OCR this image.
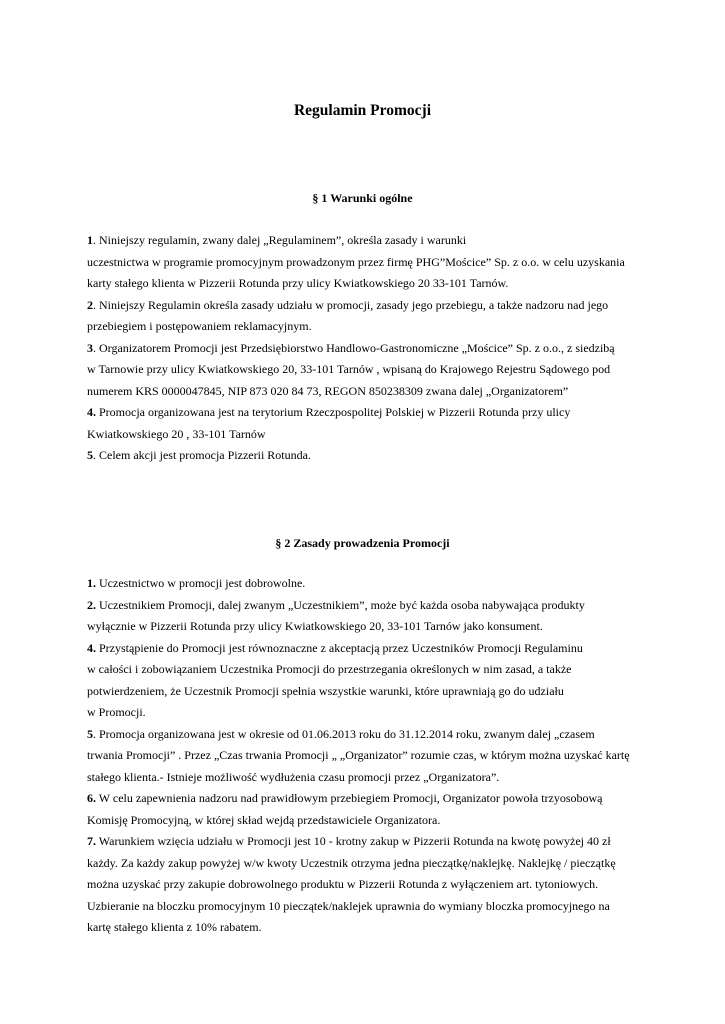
Regulamin Promocji
§ 1 Warunki ogólne
1. Niniejszy regulamin, zwany dalej „Regulaminem”, określa zasady i warunki
uczestnictwa w programie promocyjnym prowadzonym przez firmę PHG”Mościce” Sp. z o.o. w celu uzyskania
karty stałego klienta w Pizzerii Rotunda przy ulicy Kwiatkowskiego 20 33-101 Tarnów.
2. Niniejszy Regulamin określa zasady udziału w promocji, zasady jego przebiegu, a także nadzoru nad jego
przebiegiem i postępowaniem reklamacyjnym.
3. Organizatorem Promocji jest Przedsiębiorstwo Handlowo-Gastronomiczne „Mościce” Sp. z o.o., z siedzibą
w Tarnowie przy ulicy Kwiatkowskiego 20, 33-101 Tarnów , wpisaną do Krajowego Rejestru Sądowego pod
numerem KRS 0000047845, NIP 873 020 84 73, REGON 850238309 zwana dalej „Organizatorem”
4. Promocja organizowana jest na terytorium Rzeczpospolitej Polskiej w Pizzerii Rotunda przy ulicy
Kwiatkowskiego 20 , 33-101 Tarnów
5. Celem akcji jest promocja Pizzerii Rotunda.
§ 2 Zasady prowadzenia Promocji
1. Uczestnictwo w promocji jest dobrowolne.
2. Uczestnikiem Promocji, dalej zwanym „Uczestnikiem”, może być każda osoba nabywająca produkty
wyłącznie w Pizzerii Rotunda przy ulicy Kwiatkowskiego 20, 33-101 Tarnów jako konsument.
4. Przystąpienie do Promocji jest równoznaczne z akceptacją przez Uczestników Promocji Regulaminu
w całości i zobowiązaniem Uczestnika Promocji do przestrzegania określonych w nim zasad, a także
potwierdzeniem, że Uczestnik Promocji spełnia wszystkie warunki, które uprawniają go do udziału
w Promocji.
5. Promocja organizowana jest w okresie od 01.06.2013 roku do 31.12.2014 roku, zwanym dalej „czasem
trwania Promocji” . Przez „Czas trwania Promocji „ „Organizator” rozumie czas, w którym można uzyskać kartę
stałego klienta.- Istnieje możliwość wydłużenia czasu promocji przez „Organizatora”.
6. W celu zapewnienia nadzoru nad prawidłowym przebiegiem Promocji, Organizator powoła trzyosobową
Komisję Promocyjną, w której skład wejdą przedstawiciele Organizatora.
7. Warunkiem wzięcia udziału w Promocji jest 10 - krotny zakup w Pizzerii Rotunda na kwotę powyżej 40 zł
każdy. Za każdy zakup powyżej w/w kwoty Uczestnik otrzyma jedna pieczątkę/naklejkę. Naklejkę / pieczątkę
można uzyskać przy zakupie dobrowolnego produktu w Pizzerii Rotunda z wyłączeniem art. tytoniowych.
Uzbieranie na bloczku promocyjnym 10 pieczątek/naklejek uprawnia do wymiany bloczka promocyjnego na
kartę stałego klienta z 10% rabatem.
